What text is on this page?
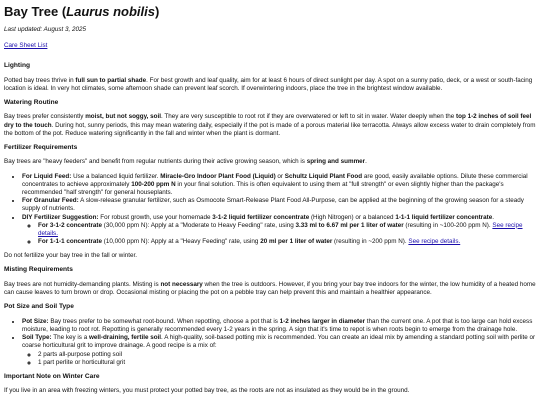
Bay Tree (Laurus nobilis)
Last updated: August 3, 2025
Care Sheet List
Lighting

Potted bay trees thrive in full sun to partial shade. For best growth and leaf quality, aim for at least 6 hours of direct sunlight per day. A spot on a sunny patio, deck, or a west or south-facing location is ideal. In very hot climates, some afternoon shade can prevent leaf scorch. If overwintering indoors, place the tree in the brightest window available.

Watering Routine

Bay trees prefer consistently moist, but not soggy, soil. They are very susceptible to root rot if they are overwatered or left to sit in water. Water deeply when the top 1-2 inches of soil feel dry to the touch. During hot, sunny periods, this may mean watering daily, especially if the pot is made of a porous material like terracotta. Always allow excess water to drain completely from the bottom of the pot. Reduce watering significantly in the fall and winter when the plant is dormant.

Fertilizer Requirements

Bay trees are "heavy feeders" and benefit from regular nutrients during their active growing season, which is spring and summer.

• For Liquid Feed: Use a balanced liquid fertilizer. Miracle-Gro Indoor Plant Food (Liquid) or Schultz Liquid Plant Food are good, easily available options. Dilute these commercial concentrates to achieve approximately 100-200 ppm N in your final solution. This is often equivalent to using them at "full strength" or even slightly higher than the package's recommended "half strength" for general houseplants.
• For Granular Feed: A slow-release granular fertilizer, such as Osmocote Smart-Release Plant Food All-Purpose, can be applied at the beginning of the growing season for a steady supply of nutrients.
• DIY Fertilizer Suggestion: For robust growth, use your homemade 3-1-2 liquid fertilizer concentrate (High Nitrogen) or a balanced 1-1-1 liquid fertilizer concentrate.
◦ For 3-1-2 concentrate (30,000 ppm N): Apply at a "Moderate to Heavy Feeding" rate, using 3.33 ml to 6.67 ml per 1 liter of water (resulting in ~100-200 ppm N). See recipe details.
◦ For 1-1-1 concentrate (10,000 ppm N): Apply at a "Heavy Feeding" rate, using 20 ml per 1 liter of water (resulting in ~200 ppm N). See recipe details.

Do not fertilize your bay tree in the fall or winter.

Misting Requirements

Bay trees are not humidity-demanding plants. Misting is not necessary when the tree is outdoors. However, if you bring your bay tree indoors for the winter, the low humidity of a heated home can cause leaves to turn brown or drop. Occasional misting or placing the pot on a pebble tray can help prevent this and maintain a healthier appearance.

Pot Size and Soil Type
• Pot Size: Bay trees prefer to be somewhat root-bound. When repotting, choose a pot that is 1-2 inches larger in diameter than the current one. A pot that is too large can hold excess moisture, leading to root rot. Repotting is generally recommended every 1-2 years in the spring. A sign that it's time to repot is when roots begin to emerge from the drainage hole.
• Soil Type: The key is a well-draining, fertile soil. A high-quality, soil-based potting mix is recommended. You can create an ideal mix by amending a standard potting soil with perlite or coarse horticultural grit to improve drainage. A good recipe is a mix of:
◦ 2 parts all-purpose potting soil
◦ 1 part perlite or horticultural grit
Important Note on Winter Care

If you live in an area with freezing winters, you must protect your potted bay tree, as the roots are not as insulated as they would be in the ground.
